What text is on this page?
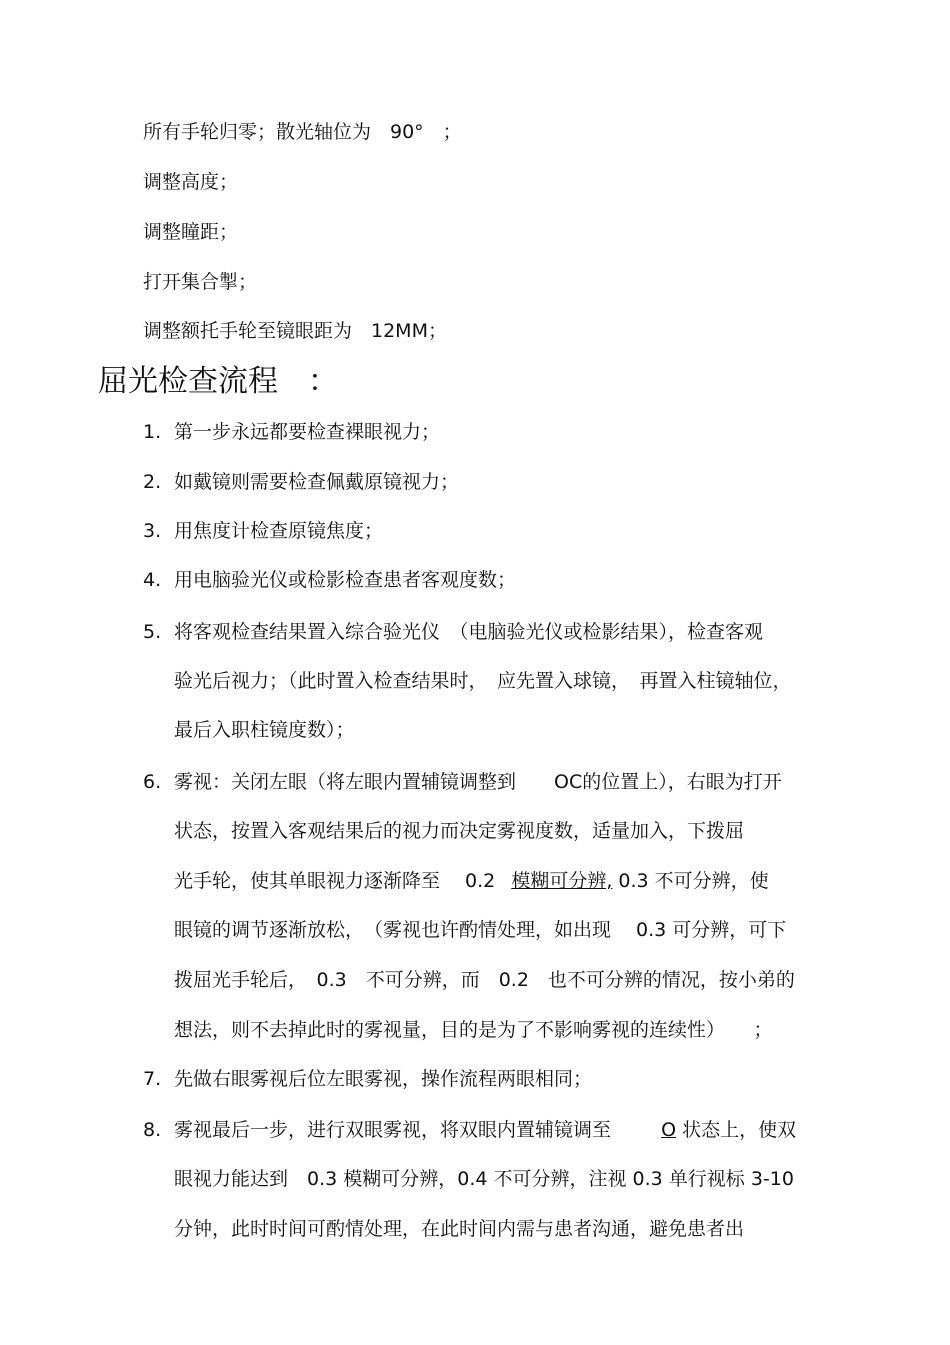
所有手轮归零；散光轴位为　90°　；
调整高度；
调整瞳距；
打开集合掣；
调整额托手轮至镜眼距为　12MM；
屈光检查流程　：
1. 第一步永远都要检查裸眼视力；
2. 如戴镜则需要检查佩戴原镜视力；
3. 用焦度计检查原镜焦度；
4. 用电脑验光仪或检影检查患者客观度数；
5. 将客观检查结果置入综合验光仪　（电脑验光仪或检影结果），检查客观
验光后视力；（此时置入检查结果时，　应先置入球镜，　再置入柱镜轴位，
最后入职柱镜度数）；
6. 雾视：关闭左眼（将左眼内置辅镜调整到　　OC的位置上），右眼为打开
状态，按置入客观结果后的视力而决定雾视度数，适量加入，下拨屈
光手轮，使其单眼视力逐渐降至　 0.2 模糊可分辨, 0.3 不可分辨，使
眼镜的调节逐渐放松，　（雾视也许酌情处理，如出现　 0.3 可分辨，可下
拨屈光手轮后，　0.3　不可分辨，而　0.2　也不可分辨的情况，按小弟的
想法，则不去掉此时的雾视量，目的是为了不影响雾视的连续性）　　；
7. 先做右眼雾视后位左眼雾视，操作流程两眼相同；
8. 雾视最后一步，进行双眼雾视，将双眼内置辅镜调至　　 O 状态上，使双
眼视力能达到　0.3 模糊可分辨，0.4 不可分辨，注视 0.3 单行视标 3-10
分钟，此时时间可酌情处理，在此时间内需与患者沟通，避免患者出
